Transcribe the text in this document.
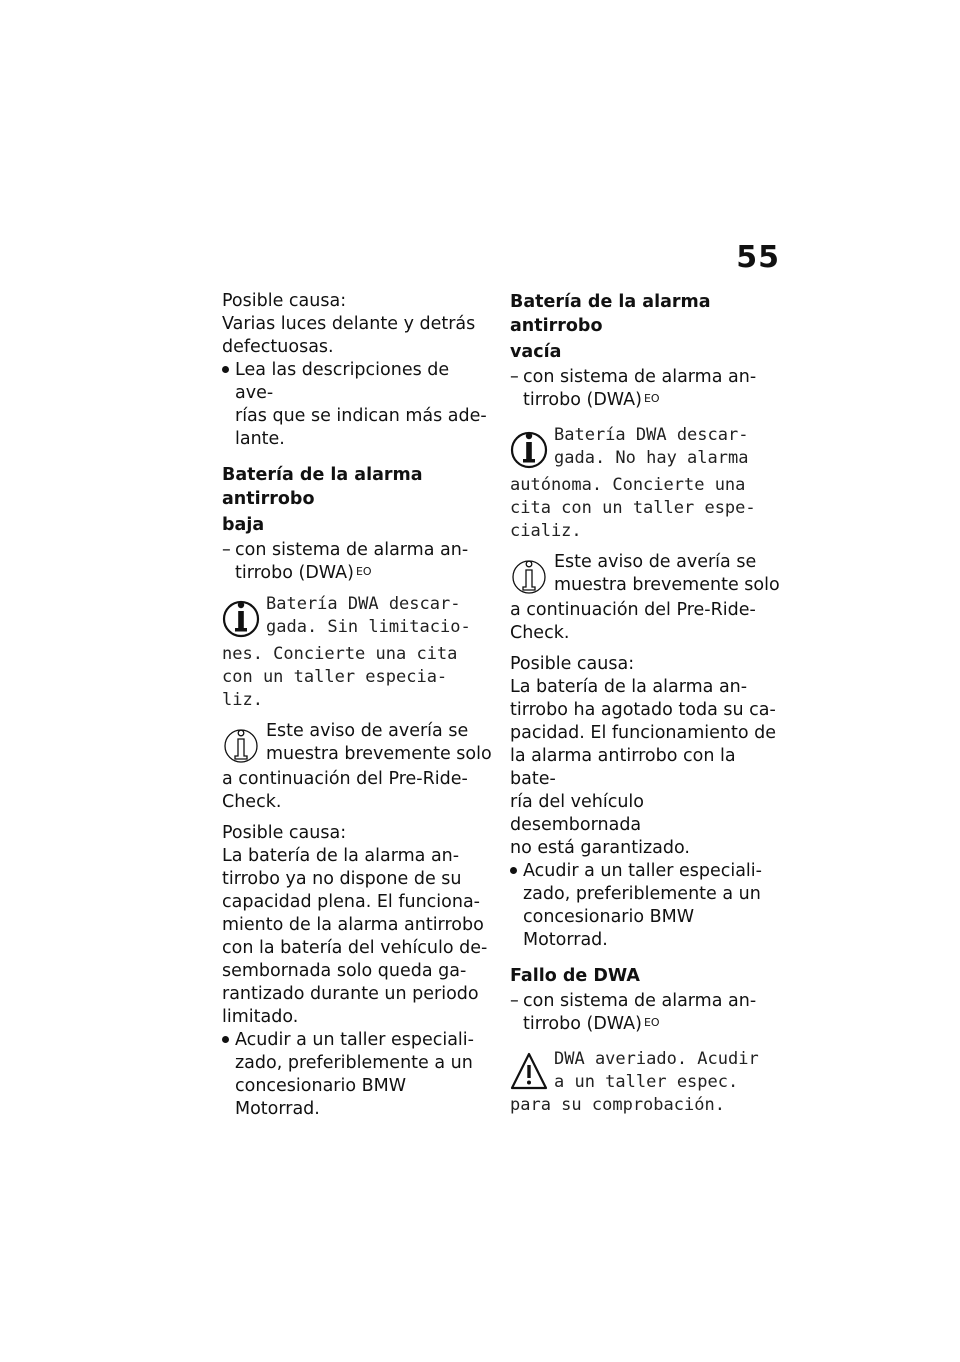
55

Posible causa:

Varias luces delante y detrás

defectuosas.

Lea las descripciones de ave-

rías que se indican más ade-

lante.

Batería de la alarma antirrobo

baja

– con sistema de alarma an-

tirrobo (DWA) $^{EO}$

Batería DWA descar-

gada. Sin limitacio-

nes. Concierte una cita

con un taller especia-

liz.

Este aviso de avería se

muestra brevemente solo

a continuación del Pre-Ride-

Check.

Posible causa:

La batería de la alarma an-

tirrobo ya no dispone de su

capacidad plena. El funciona-

miento de la alarma antirrobo

con la batería del vehículo de-

sembornada solo queda ga-

rantizado durante un periodo

limitado.

Acudir a un taller especiali-

zado, preferiblemente a un

concesionario BMW Motorrad.

Batería de la alarma antirrobo

vacía

– con sistema de alarma an-

tirrobo (DWA) $^{EO}$

Batería DWA descar-

gada. No hay alarma

autónoma. Concierte una

cita con un taller espe-

cializ.

Este aviso de avería se

muestra brevemente solo

a continuación del Pre-Ride-

Check.

Posible causa:

La batería de la alarma an-

tirrobo ha agotado toda su ca-

pacidad. El funcionamiento de

la alarma antirrobo con la bate-

ría del vehículo desembornada

no está garantizado.

Acudir a un taller especiali-

zado, preferiblemente a un

concesionario BMW Motorrad.

Fallo de DWA

– con sistema de alarma an-

tirrobo (DWA) $^{EO}$

DWA averiado. Acudir

a un taller espec.

para su comprobación.
